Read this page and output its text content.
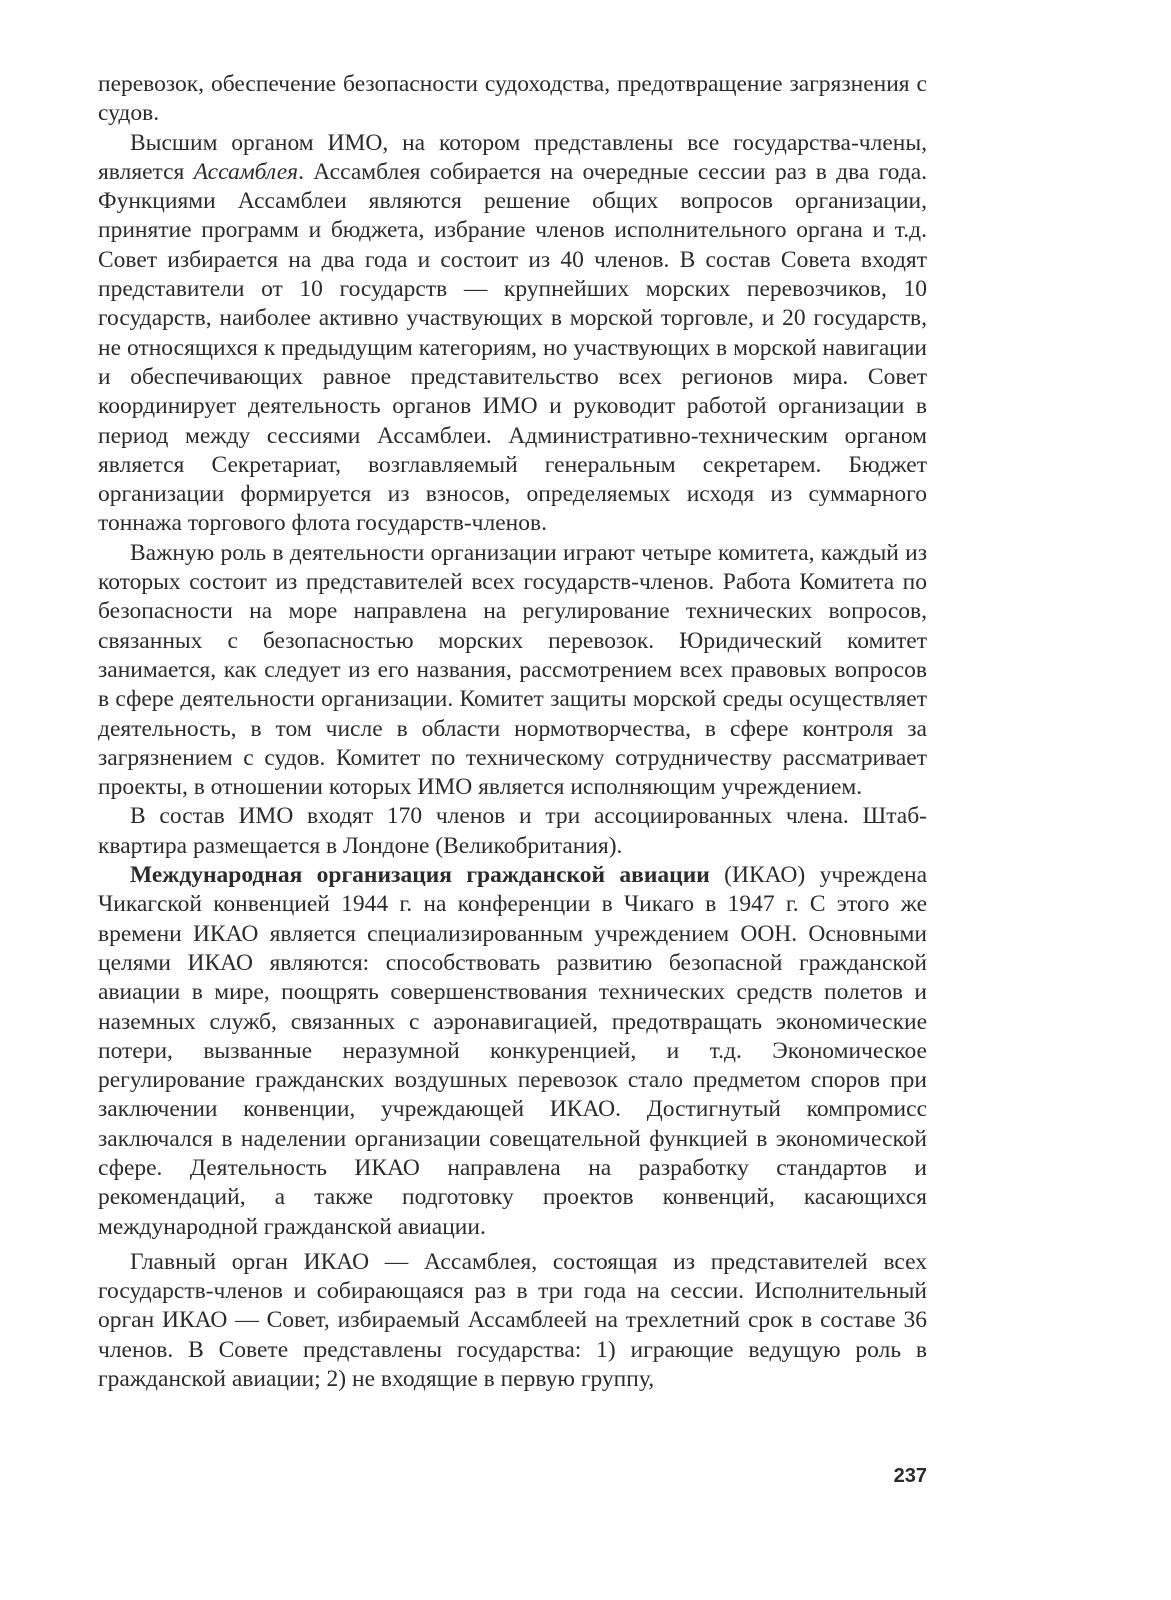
перевозок, обеспечение безопасности судоходства, предотвращение загрязнения с судов.

Высшим органом ИМО, на котором представлены все государства-члены, является Ассамблея. Ассамблея собирается на очередные сессии раз в два года. Функциями Ассамблеи являются решение общих вопросов организации, принятие программ и бюджета, избрание членов исполнительного органа и т.д. Совет избирается на два года и состоит из 40 членов. В состав Совета входят представители от 10 государств — крупнейших морских перевозчиков, 10 государств, наиболее активно участвующих в морской торговле, и 20 государств, не относящихся к предыдущим категориям, но участвующих в морской навигации и обеспечивающих равное представительство всех регионов мира. Совет координирует деятельность органов ИМО и руководит работой организации в период между сессиями Ассамблеи. Административно-техническим органом является Секретариат, возглавляемый генеральным секретарем. Бюджет организации формируется из взносов, определяемых исходя из суммарного тоннажа торгового флота государств-членов.

Важную роль в деятельности организации играют четыре комитета, каждый из которых состоит из представителей всех государств-членов. Работа Комитета по безопасности на море направлена на регулирование технических вопросов, связанных с безопасностью морских перевозок. Юридический комитет занимается, как следует из его названия, рассмотрением всех правовых вопросов в сфере деятельности организации. Комитет защиты морской среды осуществляет деятельность, в том числе в области нормотворчества, в сфере контроля за загрязнением с судов. Комитет по техническому сотрудничеству рассматривает проекты, в отношении которых ИМО является исполняющим учреждением.

В состав ИМО входят 170 членов и три ассоциированных члена. Штаб-квартира размещается в Лондоне (Великобритания).

Международная организация гражданской авиации (ИКАО) учреждена Чикагской конвенцией 1944 г. на конференции в Чикаго в 1947 г. С этого же времени ИКАО является специализированным учреждением ООН. Основными целями ИКАО являются: способствовать развитию безопасной гражданской авиации в мире, поощрять совершенствования технических средств полетов и наземных служб, связанных с аэронавигацией, предотвращать экономические потери, вызванные неразумной конкуренцией, и т.д. Экономическое регулирование гражданских воздушных перевозок стало предметом споров при заключении конвенции, учреждающей ИКАО. Достигнутый компромисс заключался в наделении организации совещательной функцией в экономической сфере. Деятельность ИКАО направлена на разработку стандартов и рекомендаций, а также подготовку проектов конвенций, касающихся международной гражданской авиации.

Главный орган ИКАО — Ассамблея, состоящая из представителей всех государств-членов и собирающаяся раз в три года на сессии. Исполнительный орган ИКАО — Совет, избираемый Ассамблеей на трехлетний срок в составе 36 членов. В Совете представлены государства: 1) играющие ведущую роль в гражданской авиации; 2) не входящие в первую группу,

237
